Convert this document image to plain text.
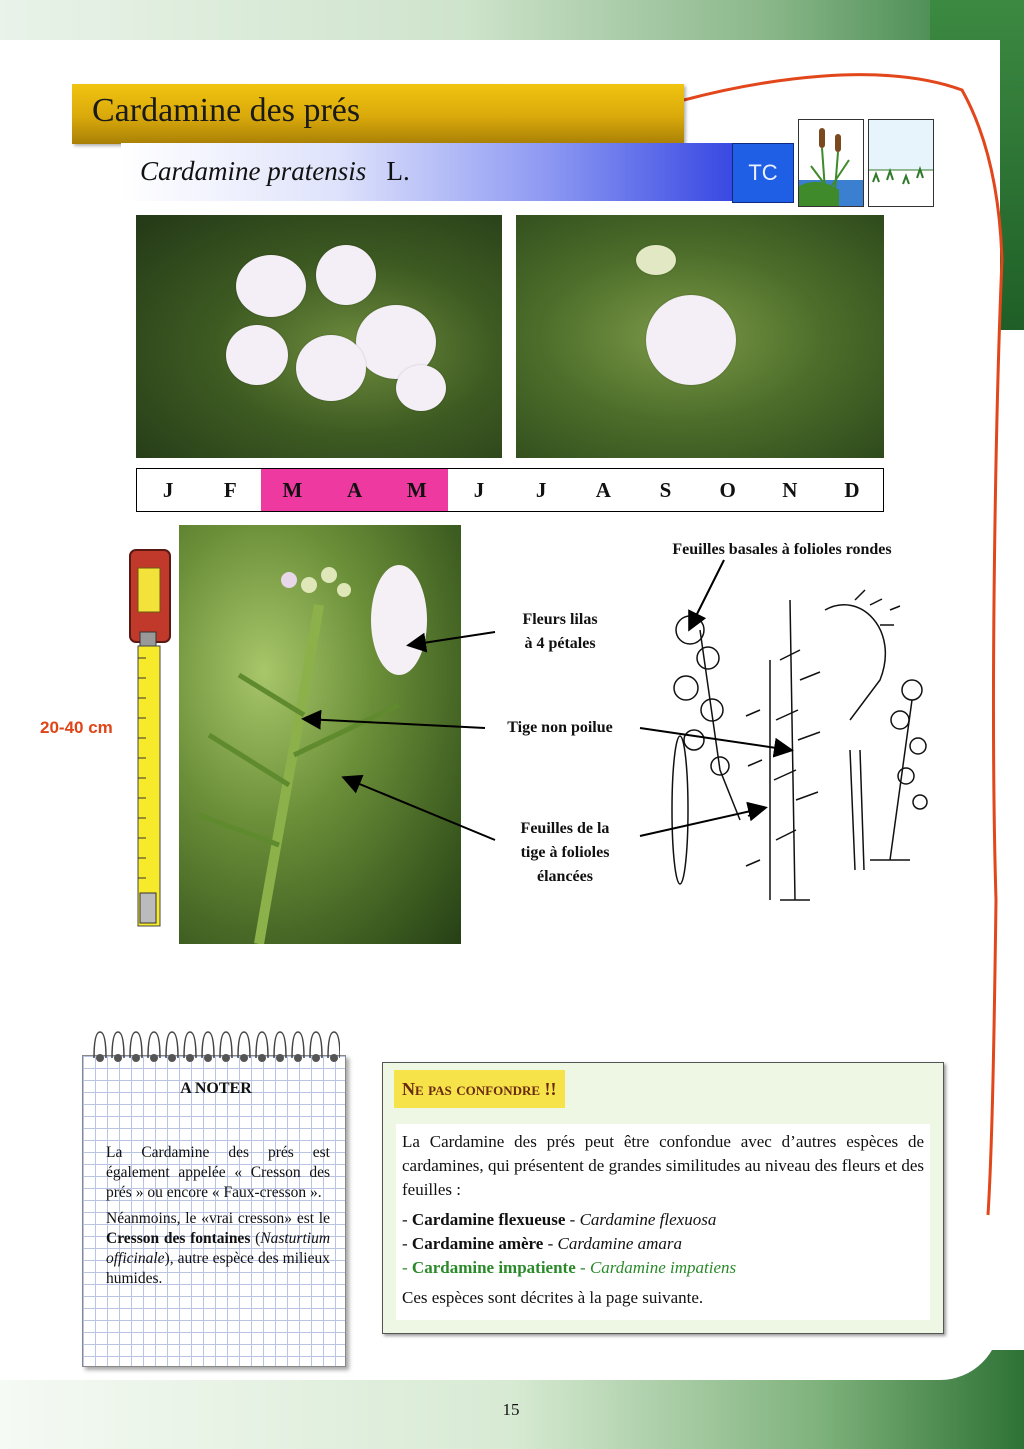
Cardamine des prés
Cardamine pratensis L.	TC
J	F	M	A	M	J	J	A	S	O	N	D
20-40 cm
Feuilles basales à folioles rondes
Fleurs lilas
à 4 pétales
Tige non poilue
Feuilles de la
tige à folioles
élancées
A NOTER

La Cardamine des prés est également appelée « Cresson des prés » ou encore « Faux-cresson ».

Néanmoins, le «vrai cresson» est le Cresson des fontaines (Nasturtium officinale), autre espèce des milieux humides.

Ne pas confondre !!

La Cardamine des prés peut être confondue avec d’autres espèces de cardamines, qui présentent de grandes similitudes au niveau des fleurs et des feuilles :

- Cardamine flexueuse - Cardamine flexuosa

- Cardamine amère - Cardamine amara

- Cardamine impatiente - Cardamine impatiens

Ces espèces sont décrites à la page suivante.

15
